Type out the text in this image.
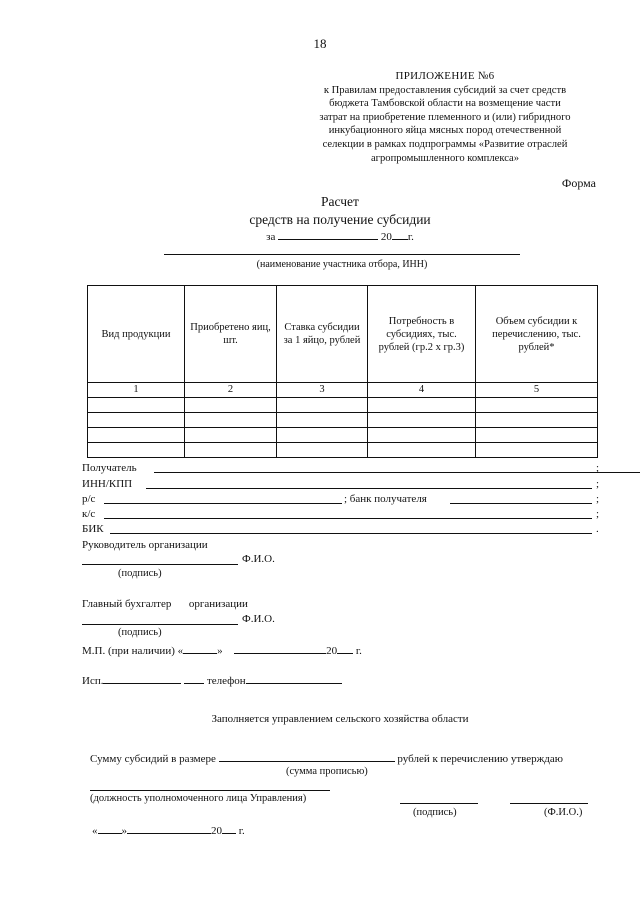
18
ПРИЛОЖЕНИЕ №6
к Правилам предоставления субсидий за счет средств
бюджета Тамбовской области на возмещение части
затрат на приобретение племенного и (или) гибридного
инкубационного яйца мясных пород отечественной
селекции в рамках подпрограммы «Развитие отраслей
агропромышленного комплекса»
Форма
Расчет
средств на получение субсидии
за	20 г.
(наименование участника отбора, ИНН)
Вид продукции	Приобретено яиц, шт.	Ставка субсидии за 1 яйцо, рублей	Потребность в субсидиях, тыс. рублей (гр.2 х гр.3)	Объем субсидии к перечислению, тыс. рублей*
1	2	3	4	5

Получатель	;
ИНН/КПП	;
р/с	; банк получателя	;
к/с	;
БИК	.
Руководитель организации
Ф.И.О.
(подпись)
Главный бухгалтер организации
Ф.И.О.
(подпись)
М.П. (при наличии) «	»	20 г.
Исп.	телефон
Заполняется управлением сельского хозяйства области
Сумму субсидий в размере	рублей к перечислению утверждаю
(сумма прописью)
(должность уполномоченного лица Управления)
(подпись)	(Ф.И.О.)
« »	20 г.
